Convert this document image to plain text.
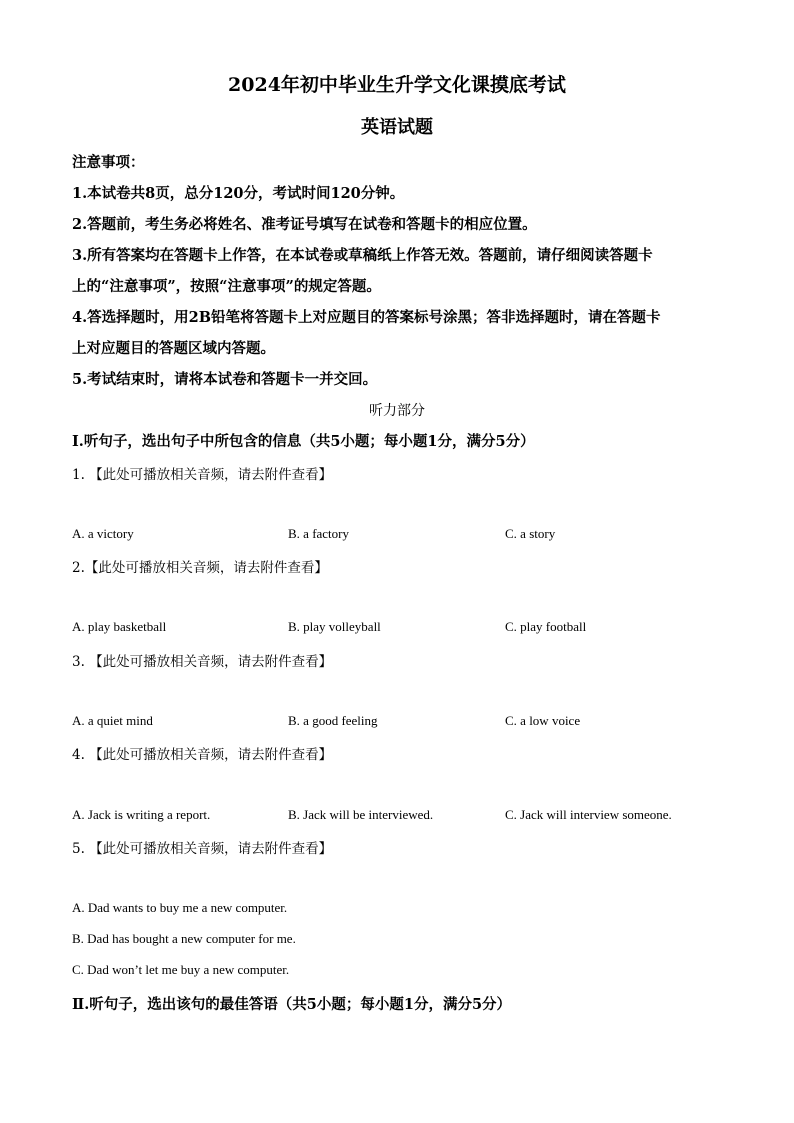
2024年初中毕业生升学文化课摸底考试
英语试题
注意事项：
1.本试卷共8页，总分120分，考试时间120分钟。
2.答题前，考生务必将姓名、准考证号填写在试卷和答题卡的相应位置。
3.所有答案均在答题卡上作答，在本试卷或草稿纸上作答无效。答题前，请仔细阅读答题卡
上的“注意事项”，按照“注意事项”的规定答题。
4.答选择题时，用2B铅笔将答题卡上对应题目的答案标号涂黑；答非选择题时，请在答题卡
上对应题目的答题区域内答题。
5.考试结束时，请将本试卷和答题卡一并交回。
听力部分
I.听句子，选出句子中所包含的信息（共5小题；每小题1分，满分5分）
1. 【此处可播放相关音频，请去附件查看】
A. a victory	B. a factory	C. a story
2.【此处可播放相关音频，请去附件查看】
A. play basketball	B. play volleyball	C. play football
3. 【此处可播放相关音频，请去附件查看】
A. a quiet mind	B. a good feeling	C. a low voice
4. 【此处可播放相关音频，请去附件查看】
A. Jack is writing a report.	B. Jack will be interviewed.	C. Jack will interview someone.
5. 【此处可播放相关音频，请去附件查看】
A. Dad wants to buy me a new computer.
B. Dad has bought a new computer for me.
C. Dad won’t let me buy a new computer.
Ⅱ.听句子，选出该句的最佳答语（共5小题；每小题1分，满分5分）
